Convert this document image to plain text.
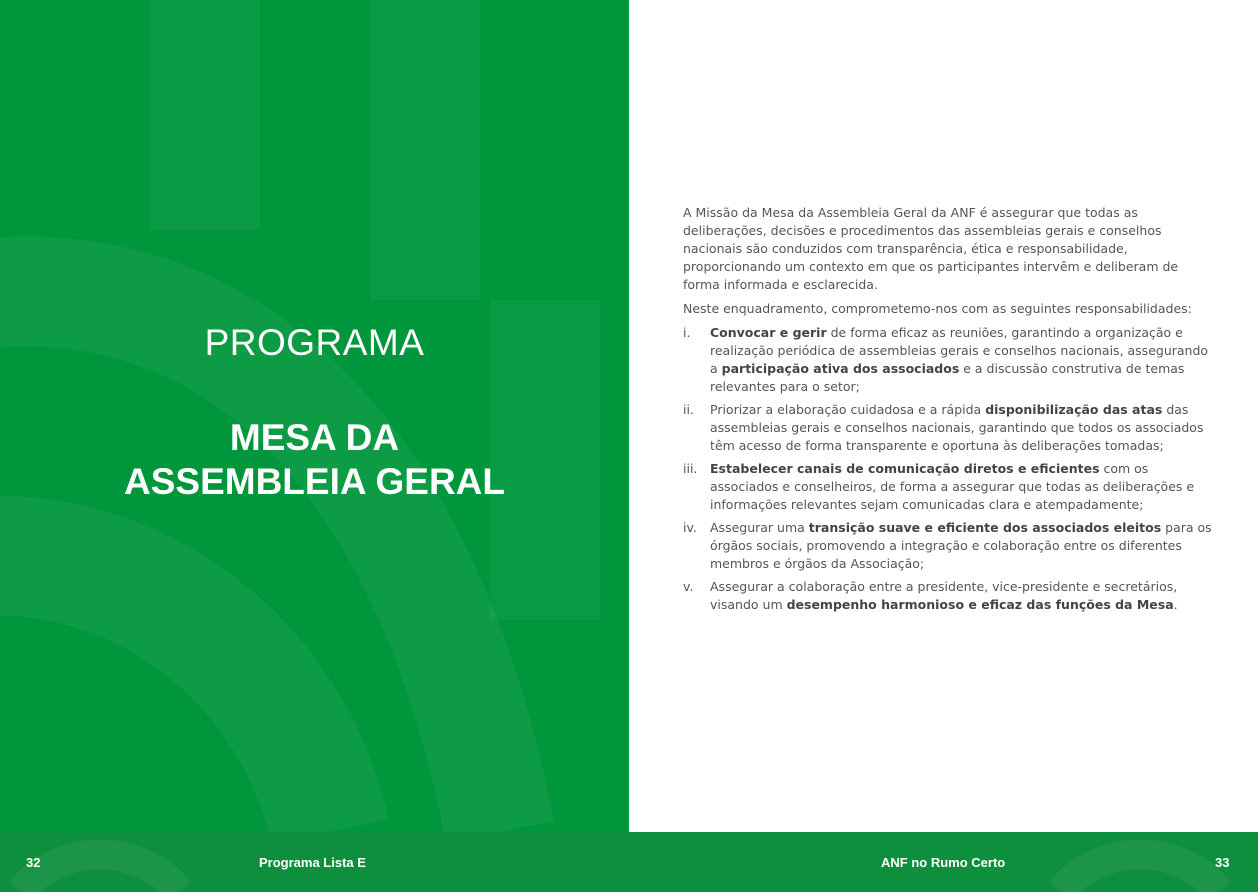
PROGRAMA
MESA DA
ASSEMBLEIA GERAL

A Missão da Mesa da Assembleia Geral da ANF é assegurar que todas as deliberações, decisões e procedimentos das assembleias gerais e conselhos nacionais são conduzidos com transparência, ética e responsabilidade, proporcionando um contexto em que os participantes intervêm e deliberam de forma informada e esclarecida.

Neste enquadramento, comprometemo-nos com as seguintes responsabilidades:

i. Convocar e gerir de forma eficaz as reuniões, garantindo a organização e realização periódica de assembleias gerais e conselhos nacionais, assegurando a participação ativa dos associados e a discussão construtiva de temas relevantes para o setor;
ii. Priorizar a elaboração cuidadosa e a rápida disponibilização das atas das assembleias gerais e conselhos nacionais, garantindo que todos os associados têm acesso de forma transparente e oportuna às deliberações tomadas;
iii. Estabelecer canais de comunicação diretos e eficientes com os associados e conselheiros, de forma a assegurar que todas as deliberações e informações relevantes sejam comunicadas clara e atempadamente;
iv. Assegurar uma transição suave e eficiente dos associados eleitos para os órgãos sociais, promovendo a integração e colaboração entre os diferentes membros e órgãos da Associação;
v. Assegurar a colaboração entre a presidente, vice-presidente e secretários, visando um desempenho harmonioso e eficaz das funções da Mesa.
32	Programa Lista E	ANF no Rumo Certo	33
